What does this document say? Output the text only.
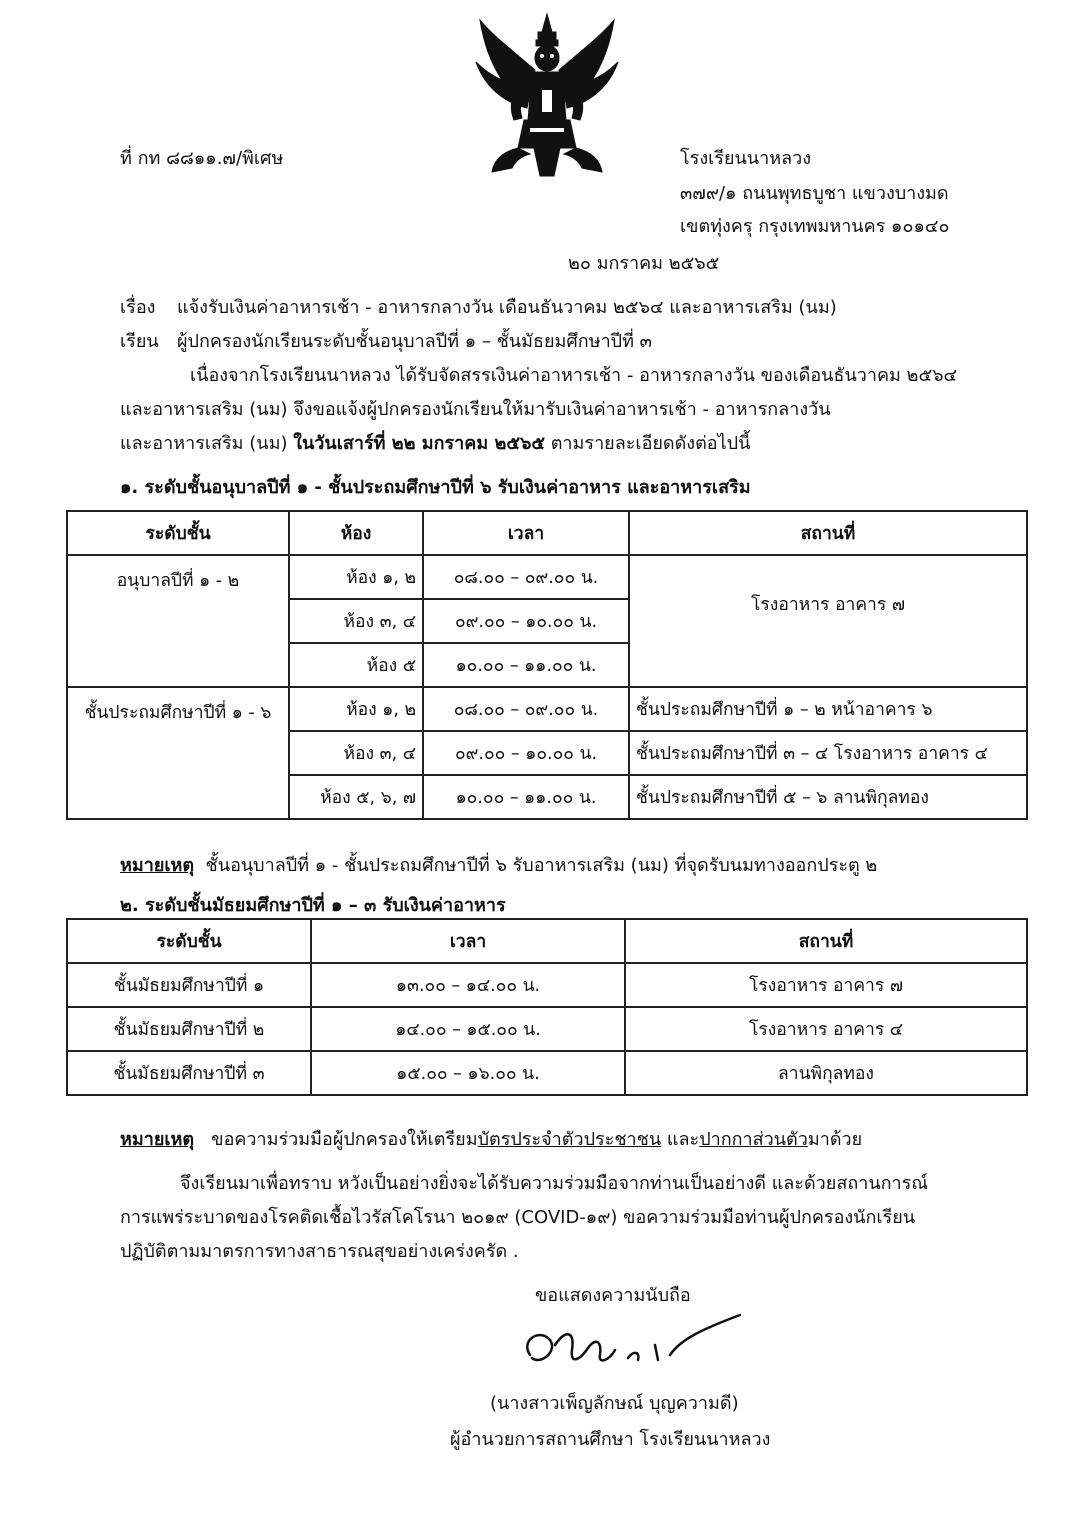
ที่ กท ๘๘๑๑.๗/พิเศษ	โรงเรียนนาหลวง
๓๗๙/๑ ถนนพุทธบูชา แขวงบางมด
เขตทุ่งครุ กรุงเทพมหานคร ๑๐๑๔๐
๒๐ มกราคม ๒๕๖๕
เรื่อง แจ้งรับเงินค่าอาหารเช้า - อาหารกลางวัน เดือนธันวาคม ๒๕๖๔ และอาหารเสริม (นม)
เรียน ผู้ปกครองนักเรียนระดับชั้นอนุบาลปีที่ ๑ – ชั้นมัธยมศึกษาปีที่ ๓
เนื่องจากโรงเรียนนาหลวง ได้รับจัดสรรเงินค่าอาหารเช้า - อาหารกลางวัน ของเดือนธันวาคม ๒๕๖๔
และอาหารเสริม (นม) จึงขอแจ้งผู้ปกครองนักเรียนให้มารับเงินค่าอาหารเช้า - อาหารกลางวัน
และอาหารเสริม (นม) ในวันเสาร์ที่ ๒๒ มกราคม ๒๕๖๕ ตามรายละเอียดดังต่อไปนี้
๑. ระดับชั้นอนุบาลปีที่ ๑ - ชั้นประถมศึกษาปีที่ ๖ รับเงินค่าอาหาร และอาหารเสริม
ระดับชั้น	ห้อง	เวลา	สถานที่
อนุบาลปีที่ ๑ - ๒	ห้อง ๑, ๒	๐๘.๐๐ – ๐๙.๐๐ น.	โรงอาหาร อาคาร ๗
	ห้อง ๓, ๔	๐๙.๐๐ – ๑๐.๐๐ น.	
	ห้อง ๕	๑๐.๐๐ – ๑๑.๐๐ น.	
ชั้นประถมศึกษาปีที่ ๑ - ๖	ห้อง ๑, ๒	๐๘.๐๐ – ๐๙.๐๐ น.	ชั้นประถมศึกษาปีที่ ๑ – ๒ หน้าอาคาร ๖
	ห้อง ๓, ๔	๐๙.๐๐ – ๑๐.๐๐ น.	ชั้นประถมศึกษาปีที่ ๓ – ๔ โรงอาหาร อาคาร ๔
	ห้อง ๕, ๖, ๗	๑๐.๐๐ – ๑๑.๐๐ น.	ชั้นประถมศึกษาปีที่ ๕ – ๖ ลานพิกุลทอง
หมายเหตุ ชั้นอนุบาลปีที่ ๑ - ชั้นประถมศึกษาปีที่ ๖ รับอาหารเสริม (นม) ที่จุดรับนมทางออกประตู ๒
๒. ระดับชั้นมัธยมศึกษาปีที่ ๑ – ๓ รับเงินค่าอาหาร
ระดับชั้น	เวลา	สถานที่
ชั้นมัธยมศึกษาปีที่ ๑	๑๓.๐๐ – ๑๔.๐๐ น.	โรงอาหาร อาคาร ๗
ชั้นมัธยมศึกษาปีที่ ๒	๑๔.๐๐ – ๑๕.๐๐ น.	โรงอาหาร อาคาร ๔
ชั้นมัธยมศึกษาปีที่ ๓	๑๕.๐๐ – ๑๖.๐๐ น.	ลานพิกุลทอง
หมายเหตุ ขอความร่วมมือผู้ปกครองให้เตรียมบัตรประจำตัวประชาชน และปากกาส่วนตัวมาด้วย
จึงเรียนมาเพื่อทราบ หวังเป็นอย่างยิ่งจะได้รับความร่วมมือจากท่านเป็นอย่างดี และด้วยสถานการณ์
การแพร่ระบาดของโรคติดเชื้อไวรัสโคโรนา ๒๐๑๙ (COVID-๑๙) ขอความร่วมมือท่านผู้ปกครองนักเรียน
ปฏิบัติตามมาตรการทางสาธารณสุขอย่างเคร่งครัด .
ขอแสดงความนับถือ
(นางสาวเพ็ญลักษณ์ บุญความดี)
ผู้อำนวยการสถานศึกษา โรงเรียนนาหลวง
